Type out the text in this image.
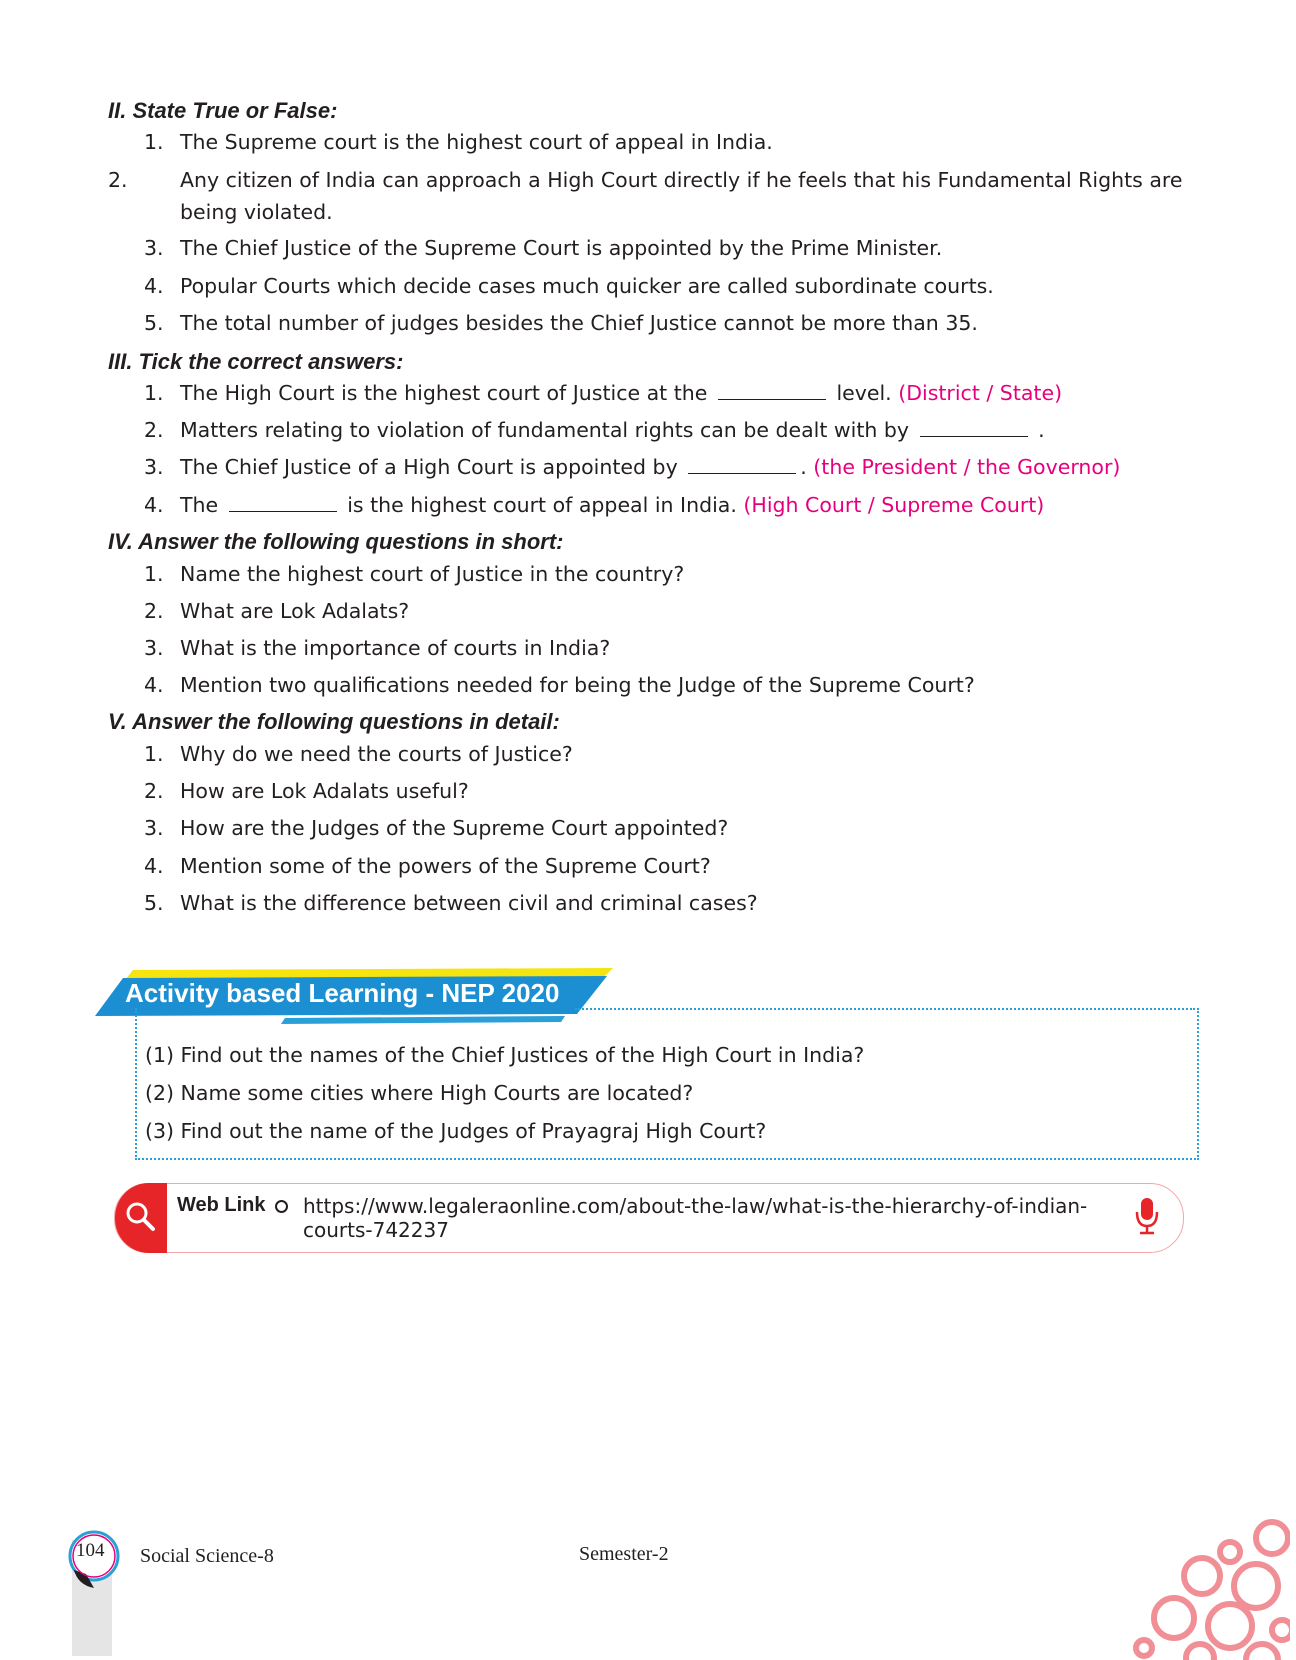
II. State True or False:
1. The Supreme court is the highest court of appeal in India.
2.	Any citizen of India can approach a High Court directly if he feels that his Fundamental Rights are being violated.
3. The Chief Justice of the Supreme Court is appointed by the Prime Minister.
4. Popular Courts which decide cases much quicker are called subordinate courts.
5. The total number of judges besides the Chief Justice cannot be more than 35.
III. Tick the correct answers:
1. The High Court is the highest court of Justice at the	level. (District / State)
2. Matters relating to violation of fundamental rights can be dealt with by	.
3. The Chief Justice of a High Court is appointed by	. (the President / the Governor)
4. The	is the highest court of appeal in India. (High Court / Supreme Court)
IV. Answer the following questions in short:
1. Name the highest court of Justice in the country?
2. What are Lok Adalats?
3. What is the importance of courts in India?
4. Mention two qualifications needed for being the Judge of the Supreme Court?
V. Answer the following questions in detail:
1. Why do we need the courts of Justice?
2. How are Lok Adalats useful?
3. How are the Judges of the Supreme Court appointed?
4. Mention some of the powers of the Supreme Court?
5. What is the difference between civil and criminal cases?
Activity based Learning - NEP 2020
(1) Find out the names of the Chief Justices of the High Court in India?
(2) Name some cities where High Courts are located?
(3) Find out the name of the Judges of Prayagraj High Court?
Web Link https://www.legaleraonline.com/about-the-law/what-is-the-hierarchy-of-indian-
courts-742237
104 Social Science-8	Semester-2
